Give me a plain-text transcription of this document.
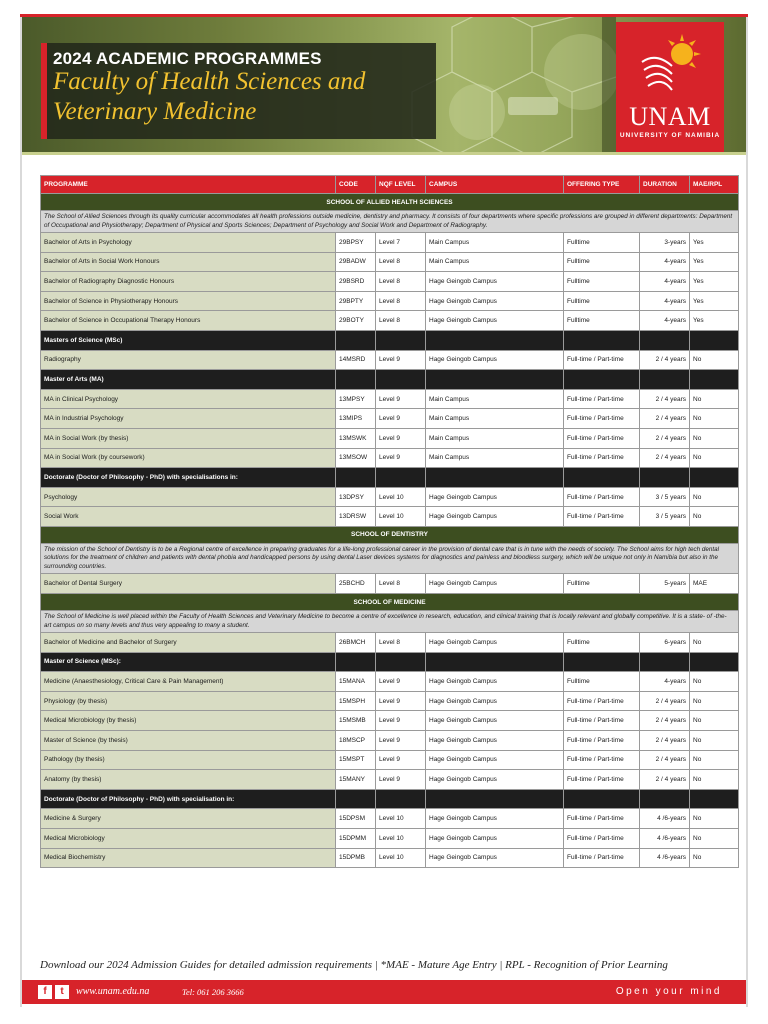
2024 ACADEMIC PROGRAMMES

Faculty of Health Sciences and Veterinary Medicine	UNAM
UNIVERSITY OF NAMIBIA
PROGRAMME	CODE	NQF LEVEL	CAMPUS	OFFERING TYPE	DURATION	MAE/RPL
SCHOOL OF ALLIED HEALTH SCIENCES						
The School of Allied Sciences through its quality curricular accommodates all health professions outside medicine, dentistry and pharmacy. It consists of four departments where specific professions are grouped in different departments: Department of Occupational and Physiotherapy; Department of Physical and Sports Sciences; Department of Psychology and Social Work and Department of Radiography.						
Bachelor of Arts in Psychology	29BPSY	Level 7	Main Campus	Fulltime	3-years	Yes
Bachelor of Arts in Social Work Honours	29BADW	Level 8	Main Campus	Fulltime	4-years	Yes
Bachelor of Radiography Diagnostic Honours	29BSRD	Level 8	Hage Geingob Campus	Fulltime	4-years	Yes
Bachelor of Science in Physiotherapy Honours	29BPTY	Level 8	Hage Geingob Campus	Fulltime	4-years	Yes
Bachelor of Science in Occupational Therapy Honours	29BOTY	Level 8	Hage Geingob Campus	Fulltime	4-years	Yes
Masters of Science (MSc)						
Radiography	14MSRD	Level 9	Hage Geingob Campus	Full-time / Part-time	2 / 4 years	No
Master of Arts (MA)						
MA in Clinical Psychology	13MPSY	Level 9	Main Campus	Full-time / Part-time	2 / 4 years	No
MA in Industrial Psychology	13MIPS	Level 9	Main Campus	Full-time / Part-time	2 / 4 years	No
MA in Social Work (by thesis)	13MSWK	Level 9	Main Campus	Full-time / Part-time	2 / 4 years	No
MA in Social Work (by coursework)	13MSOW	Level 9	Main Campus	Full-time / Part-time	2 / 4 years	No
Doctorate (Doctor of Philosophy - PhD) with specialisations in:						
Psychology	13DPSY	Level 10	Hage Geingob Campus	Full-time / Part-time	3 / 5 years	No
Social Work	13DRSW	Level 10	Hage Geingob Campus	Full-time / Part-time	3 / 5 years	No
SCHOOL OF DENTISTRY						
The mission of the School of Dentistry is to be a Regional centre of excellence in preparing graduates for a life-long professional career in the provision of dental care that is in tune with the needs of society. The School aims for high tech dental solutions for the treatment of children and patients with dental phobia and handicapped persons by using dental Laser devices systems for diagnostics and painless and bloodless surgery, which will be unique not only in Namibia but also in the surrounding countries.						
Bachelor of Dental Surgery	25BCHD	Level 8	Hage Geingob Campus	Fulltime	5-years	MAE
SCHOOL OF MEDICINE						
The School of Medicine is well placed within the Faculty of Health Sciences and Veterinary Medicine to become a centre of excellence in research, education, and clinical training that is locally relevant and globally competitive. It is a state- of -the- art campus on so many levels and thus very appealing to many a student.						
Bachelor of Medicine and Bachelor of Surgery	26BMCH	Level 8	Hage Geingob Campus	Fulltime	6-years	No
Master of Science (MSc):						
Medicine (Anaesthesiology, Critical Care & Pain Management)	15MANA	Level 9	Hage Geingob Campus	Fulltime	4-years	No
Physiology (by thesis)	15MSPH	Level 9	Hage Geingob Campus	Full-time / Part-time	2 / 4 years	No
Medical Microbiology (by thesis)	15MSMB	Level 9	Hage Geingob Campus	Full-time / Part-time	2 / 4 years	No
Master of Science (by thesis)	18MSCP	Level 9	Hage Geingob Campus	Full-time / Part-time	2 / 4 years	No
Pathology (by thesis)	15MSPT	Level 9	Hage Geingob Campus	Full-time / Part-time	2 / 4 years	No
Anatomy (by thesis)	15MANY	Level 9	Hage Geingob Campus	Full-time / Part-time	2 / 4 years	No
Doctorate (Doctor of Philosophy - PhD) with specialisation in:						
Medicine & Surgery	15DPSM	Level 10	Hage Geingob Campus	Full-time / Part-time	4 /6-years	No
Medical Microbiology	15DPMM	Level 10	Hage Geingob Campus	Full-time / Part-time	4 /6-years	No
Medical Biochemistry	15DPMB	Level 10	Hage Geingob Campus	Full-time / Part-time	4 /6-years	No

Download our 2024 Admission Guides for detailed admission requirements | *MAE - Mature Age Entry | RPL - Recognition of Prior Learning

f	t	www.unam.edu.na	Tel: 061 206 3666	Open your mind
